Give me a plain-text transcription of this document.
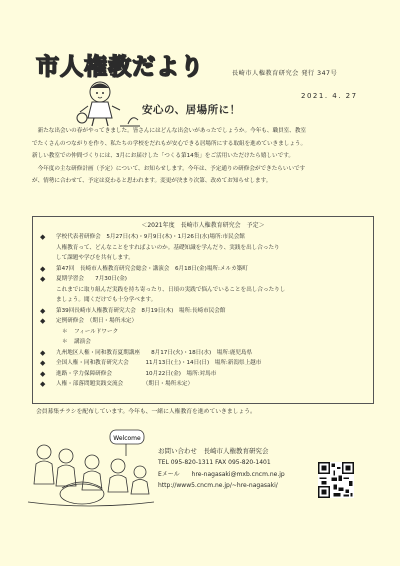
市人権教だより	長崎市人権教育研究会 発行 347号
2021. 4. 27
安心の、居場所に！
　新たな出会いの春がやってきました。皆さんにはどんな出会いがあったでしょうか。今年も、職員室、教室
でたくさんのつながりを作り、私たちの学校をだれもが安心できる居場所にする取組を進めていきましょう。
新しい教室での仲間づくりには、3月にお届けした「つくる第14集」をご活用いただけたら嬉しいです。
　今年度の主な研修計画（予定）について、お知らせします。今年は、予定通りの研修会ができたらいいです
が、情勢に合わせて、予定は変わると思われます。変更が決まり次第、改めてお知らせします。
＜2021年度　長崎市人権教育研究会　予定＞
◆ 学校代表者研修会　5月27日(木)・9月9日(木)・1月26日(水)場所:市民会館
人権教育って、どんなことをすればよいのか。基礎知識を学んだり、実践を出し合ったり
して課題や学びを共有します。
◆ 第47回　長崎市人権教育研究会総会・講演会　6月18日(金)場所:メルカ築町
◆ 夏期学習会　　7月30日(金)
これまでに取り組んだ実践を持ち寄ったり、日頃の実践で悩んでいることを出し合ったりし
ましょう。聞くだけでも十分学べます。
◆ 第39回長崎市人権教育研究大会　8月19日(木)　場所:長崎市民会館
◆ 定例研修会　（期日・場所未定）
＊ フィールドワーク
＊ 講演会
◆ 九州地区人権・同和教育夏期講座　　8月17日(火)・18日(水)　場所:鹿児島県
◆ 全国人権・同和教育研究大会　　　11月13日(土)・14日(日)　場所:新潟県上越市
◆ 進路・学力保障研修会　　　　　　10月22日(金)　場所:対馬市
◆ 人権・部落問題実践交流会　　　　（期日・場所未定）
会員募集チラシを配布しています。今年も、一緒に人権教育を進めていきましょう。
Welcome
お問い合わせ　長崎市人権教育研究会
TEL 095-820-1311 FAX 095-820-1401
Eメール　　hre-nagasaki@mxb.cncm.ne.jp
http://www5.cncm.ne.jp/~hre-nagasaki/
